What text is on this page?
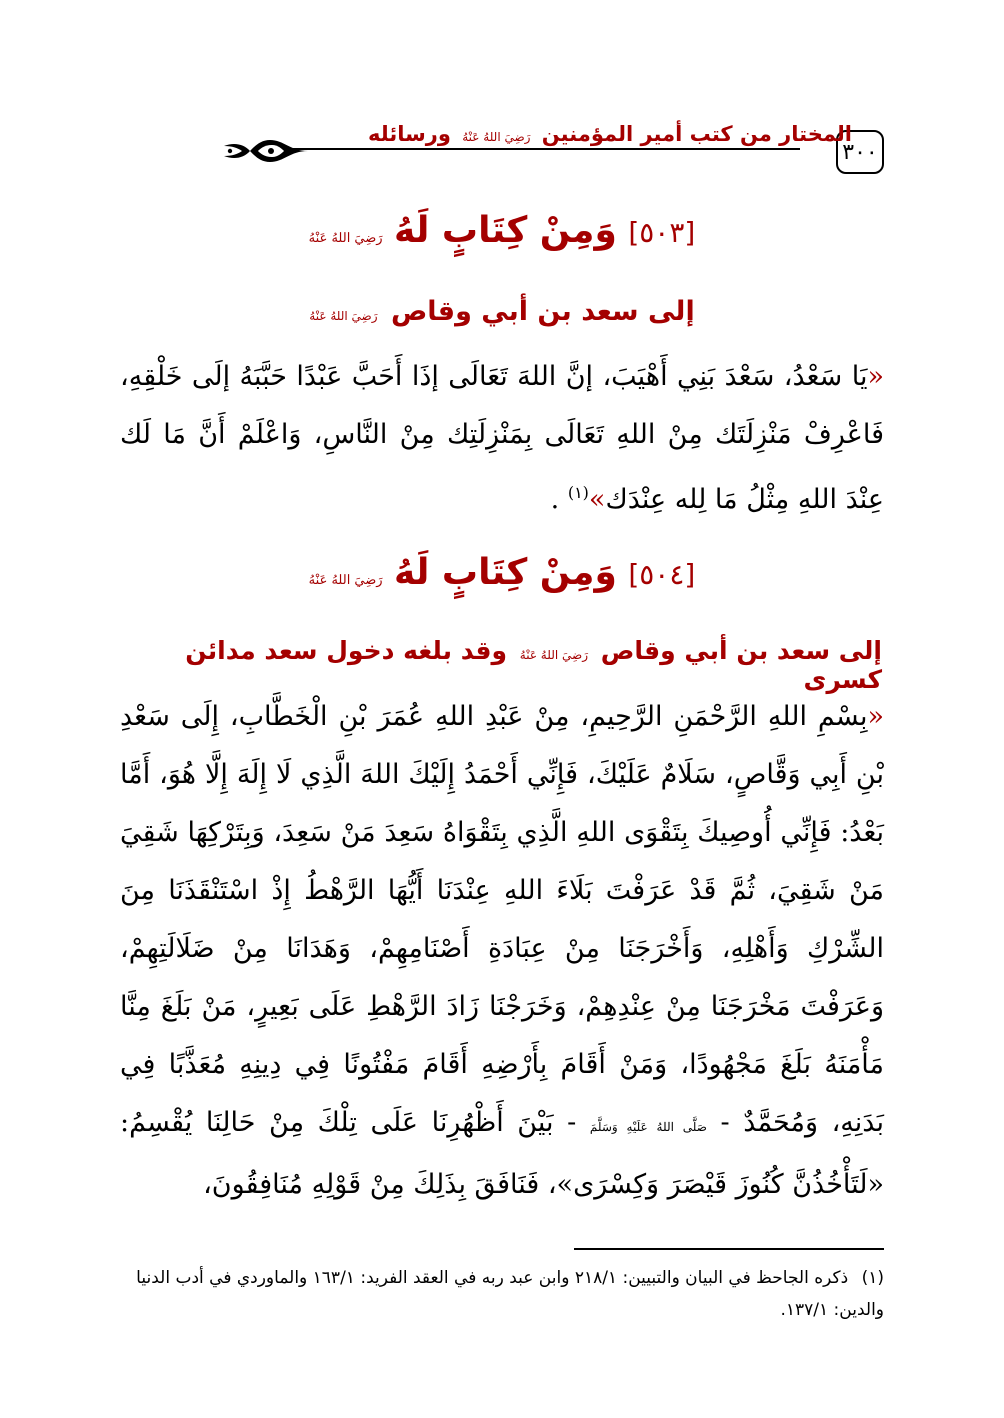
٣٠٠
المختار من كتب أمير المؤمنين رَضِيَ اللهُ عَنْهُ ورسائله
[٥٠٣] وَمِنْ كِتَابٍ لَهُ رَضِيَ اللهُ عَنْهُ
إلى سعد بن أبي وقاص رَضِيَ اللهُ عَنْهُ
«يَا سَعْدُ، سَعْدَ بَنِي أَهْيَبَ، إنَّ اللهَ تَعَالَى إذَا أَحَبَّ عَبْدًا حَبَّبَهُ إلَى خَلْقِهِ، فَاعْرِفْ مَنْزِلَتَك مِنْ اللهِ تَعَالَى بِمَنْزِلَتِك مِنْ النَّاسِ، وَاعْلَمْ أَنَّ مَا لَك عِنْدَ اللهِ مِثْلُ مَا لِله عِنْدَك»$^{(١)}$ .
[٥٠٤] وَمِنْ كِتَابٍ لَهُ رَضِيَ اللهُ عَنْهُ
إلى سعد بن أبي وقاص رَضِيَ اللهُ عَنْهُ وقد بلغه دخول سعد مدائن كسرى
«بِسْمِ اللهِ الرَّحْمَنِ الرَّحِيمِ، مِنْ عَبْدِ اللهِ عُمَرَ بْنِ الْخَطَّابِ، إِلَى سَعْدِ بْنِ أَبِي وَقَّاصٍ، سَلَامٌ عَلَيْكَ، فَإِنِّي أَحْمَدُ إِلَيْكَ اللهَ الَّذِي لَا إِلَهَ إِلَّا هُوَ، أَمَّا بَعْدُ: فَإِنِّي أُوصِيكَ بِتَقْوَى اللهِ الَّذِي بِتَقْوَاهُ سَعِدَ مَنْ سَعِدَ، وَبِتَرْكِهَا شَقِيَ مَنْ شَقِيَ، ثُمَّ قَدْ عَرَفْتَ بَلَاءَ اللهِ عِنْدَنَا أَيُّهَا الرَّهْطُ إِذْ اسْتَنْقَذَنَا مِنَ الشِّرْكِ وَأَهْلِهِ، وَأَخْرَجَنَا مِنْ عِبَادَةِ أَصْنَامِهِمْ، وَهَدَانَا مِنْ ضَلَالَتِهِمْ، وَعَرَفْتَ مَخْرَجَنَا مِنْ عِنْدِهِمْ، وَخَرَجْنَا زَادَ الرَّهْطِ عَلَى بَعِيرٍ، مَنْ بَلَغَ مِنَّا مَأْمَنَهُ بَلَغَ مَجْهُودًا، وَمَنْ أَقَامَ بِأَرْضِهِ أَقَامَ مَفْتُونًا فِي دِينِهِ مُعَذَّبًا فِي بَدَنِهِ، وَمُحَمَّدٌ - صَلَّى اللهُ عَلَيْهِ وَسَلَّمَ - بَيْنَ أَظْهُرِنَا عَلَى تِلْكَ مِنْ حَالِنَا يُقْسِمُ: «لَتَأْخُذُنَّ كُنُوزَ قَيْصَرَ وَكِسْرَى»، فَنَافَقَ بِذَلِكَ مِنْ قَوْلِهِ مُنَافِقُونَ،
(١) ذكره الجاحظ في البيان والتبيين: ٢١٨/١ وابن عبد ربه في العقد الفريد: ١٦٣/١ والماوردي في أدب الدنيا والدين: ١٣٧/١.
